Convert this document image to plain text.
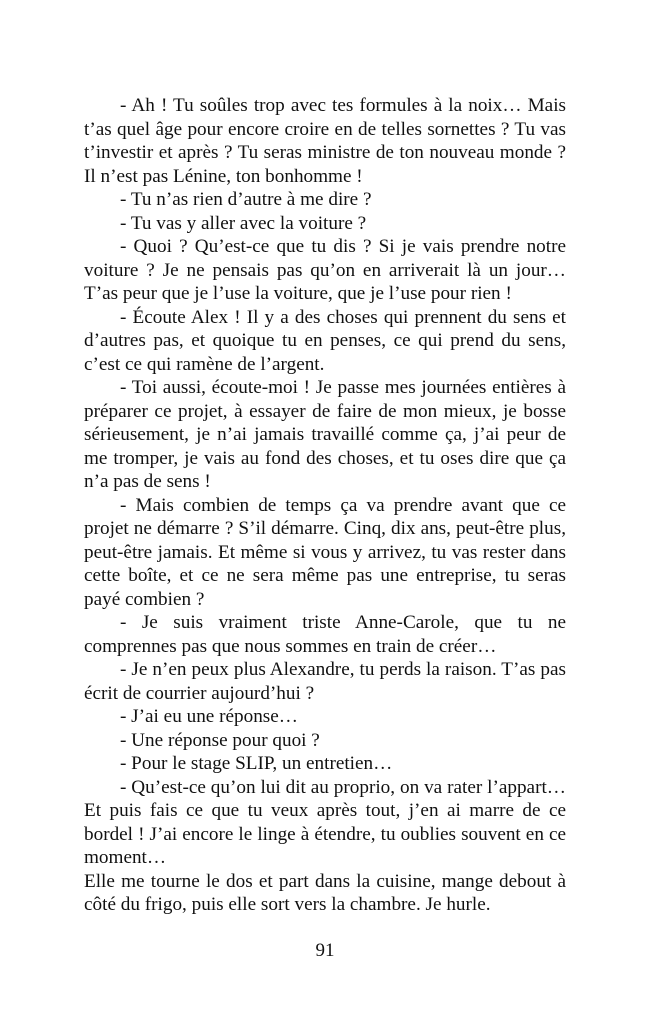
- Ah ! Tu soûles trop avec tes formules à la noix… Mais t’as quel âge pour encore croire en de telles sornettes ? Tu vas t’investir et après ? Tu seras ministre de ton nouveau monde ? Il n’est pas Lénine, ton bonhomme !

- Tu n’as rien d’autre à me dire ?

- Tu vas y aller avec la voiture ?

- Quoi ? Qu’est-ce que tu dis ? Si je vais prendre notre voiture ? Je ne pensais pas qu’on en arriverait là un jour… T’as peur que je l’use la voiture, que je l’use pour rien !

- Écoute Alex ! Il y a des choses qui prennent du sens et d’autres pas, et quoique tu en penses, ce qui prend du sens, c’est ce qui ramène de l’argent.

- Toi aussi, écoute-moi ! Je passe mes journées entières à préparer ce projet, à essayer de faire de mon mieux, je bosse sérieusement, je n’ai jamais travaillé comme ça, j’ai peur de me tromper, je vais au fond des choses, et tu oses dire que ça n’a pas de sens !

- Mais combien de temps ça va prendre avant que ce projet ne démarre ? S’il démarre. Cinq, dix ans, peut-être plus, peut-être jamais. Et même si vous y arrivez, tu vas rester dans cette boîte, et ce ne sera même pas une entreprise, tu seras payé combien ?

- Je suis vraiment triste Anne-Carole, que tu ne comprennes pas que nous sommes en train de créer…

- Je n’en peux plus Alexandre, tu perds la raison. T’as pas écrit de courrier aujourd’hui ?

- J’ai eu une réponse…

- Une réponse pour quoi ?

- Pour le stage SLIP, un entretien…

- Qu’est-ce qu’on lui dit au proprio, on va rater l’appart… Et puis fais ce que tu veux après tout, j’en ai marre de ce bordel ! J’ai encore le linge à étendre, tu oublies souvent en ce moment…

Elle me tourne le dos et part dans la cuisine, mange debout à côté du frigo, puis elle sort vers la chambre. Je hurle.

91
